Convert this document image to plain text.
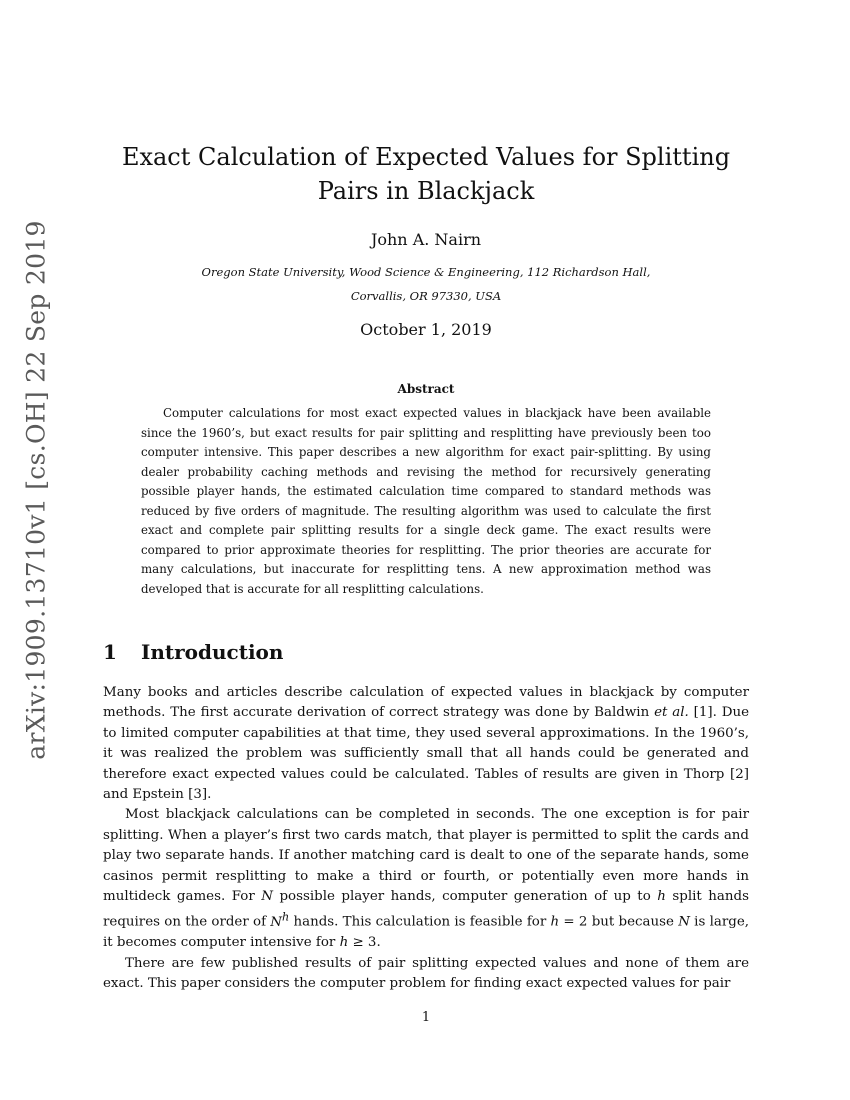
arXiv:1909.13710v1 [cs.OH] 22 Sep 2019
Exact Calculation of Expected Values for Splitting Pairs in Blackjack
John A. Nairn
Oregon State University, Wood Science & Engineering, 112 Richardson Hall,
Corvallis, OR 97330, USA
October 1, 2019
Abstract

Computer calculations for most exact expected values in blackjack have been available since the 1960’s, but exact results for pair splitting and resplitting have previously been too computer intensive. This paper describes a new algorithm for exact pair-splitting. By using dealer probability caching methods and revising the method for recursively generating possible player hands, the estimated calculation time compared to standard methods was reduced by five orders of magnitude. The resulting algorithm was used to calculate the first exact and complete pair splitting results for a single deck game. The exact results were compared to prior approximate theories for resplitting. The prior theories are accurate for many calculations, but inaccurate for resplitting tens. A new approximation method was developed that is accurate for all resplitting calculations.

1 Introduction

Many books and articles describe calculation of expected values in blackjack by computer methods. The first accurate derivation of correct strategy was done by Baldwin et al. [1]. Due to limited computer capabilities at that time, they used several approximations. In the 1960’s, it was realized the problem was sufficiently small that all hands could be generated and therefore exact expected values could be calculated. Tables of results are given in Thorp [2] and Epstein [3].

Most blackjack calculations can be completed in seconds. The one exception is for pair splitting. When a player’s first two cards match, that player is permitted to split the cards and play two separate hands. If another matching card is dealt to one of the separate hands, some casinos permit resplitting to make a third or fourth, or potentially even more hands in multideck games. For N possible player hands, computer generation of up to h split hands requires on the order of $N^h$ hands. This calculation is feasible for h = 2 but because N is large, it becomes computer intensive for h ≥ 3.

There are few published results of pair splitting expected values and none of them are exact. This paper considers the computer problem for finding exact expected values for pair

1
